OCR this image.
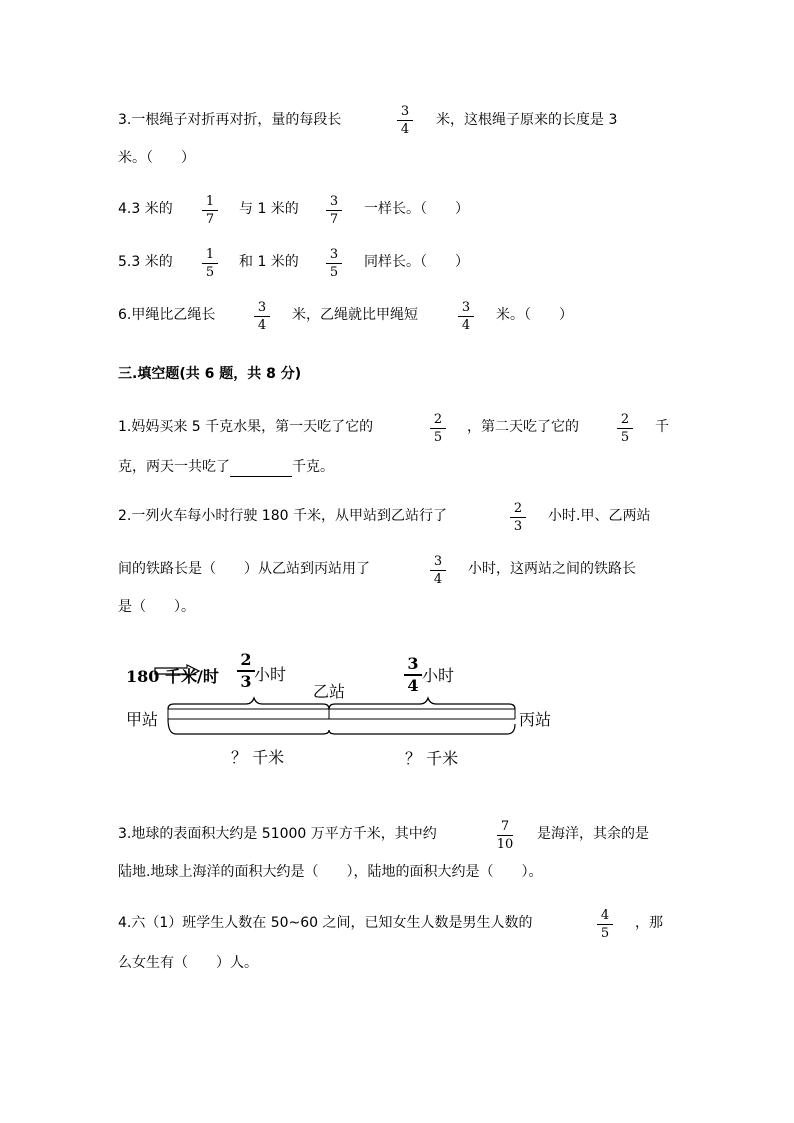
3.一根绳子对折再对折，量的每段长
3
4
米，这根绳子原来的长度是 3
米。（　　）
4.3 米的	1
7
与 1 米的	3
7
一样长。（　　）
5.3 米的	1
5
和 1 米的	3
5
同样长。（　　）
6.甲绳比乙绳长	3
4
米，乙绳就比甲绳短	3
4
米。（　　）
三.填空题(共 6 题，共 8 分)
1.妈妈买来 5 千克水果，第一天吃了它的	2
5
，第二天吃了它的	2
5
千
克，两天一共吃了	千克。
2.一列火车每小时行驶 180 千米，从甲站到乙站行了	2
3
小时.甲、乙两站
间的铁路长是（　　）从乙站到丙站用了	3
4
小时，这两站之间的铁路长
是（　　）。
180 千米/时
2
3 小时
3
4
小时
乙站
甲站	丙站
？ 千米	？ 千米
3.地球的表面积大约是 51000 万平方千米，其中约	7
10
是海洋，其余的是
陆地.地球上海洋的面积大约是（　　），陆地的面积大约是（　　）。
4.六（1）班学生人数在 50~60 之间，已知女生人数是男生人数的	4
5
，那
么女生有（　　）人。
